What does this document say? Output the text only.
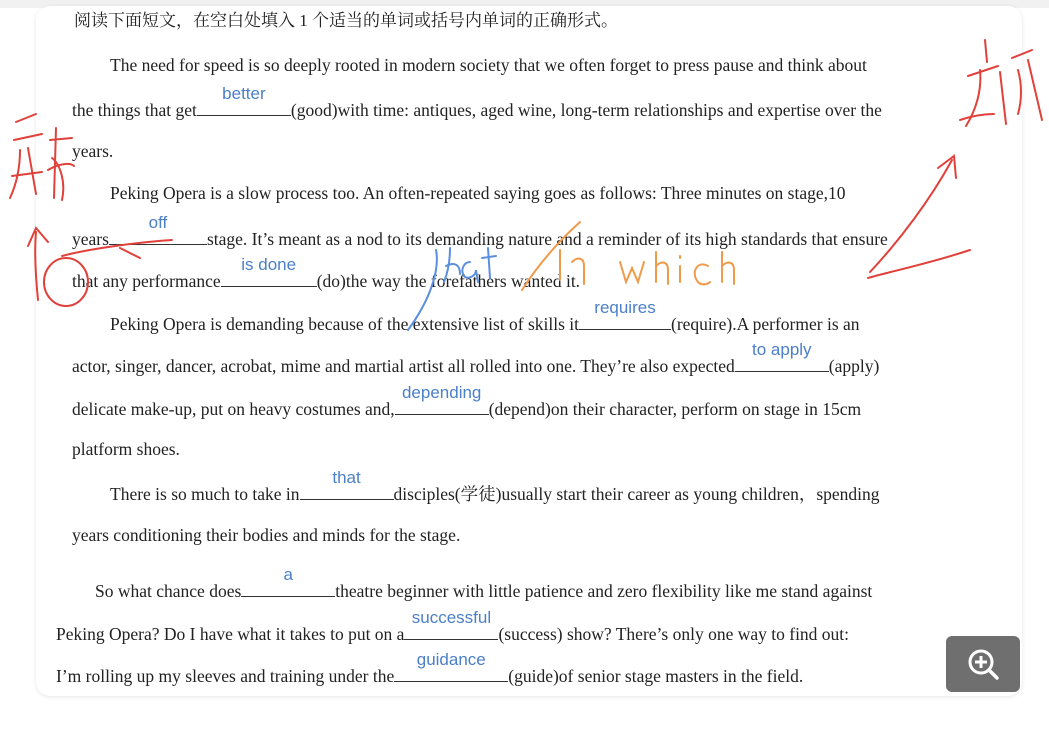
阅读下面短文，在空白处填入 1 个适当的单词或括号内单词的正确形式。
The need for speed is so deeply rooted in modern society that we often forget to press pause and think about
the things that get
better
(good)with time: antiques, aged wine, long-term relationships and expertise over the
years.
Peking Opera is a slow process too. An often-repeated saying goes as follows: Three minutes on stage,10
years
off
stage. It’s meant as a nod to its demanding nature and a reminder of its high standards that ensure
that any performance
is done
(do)the way the forefathers wanted it.
Peking Opera is demanding because of the extensive list of skills it
requires
(require).A performer is an
actor, singer, dancer, acrobat, mime and martial artist all rolled into one. They’re also expected
to apply
(apply)
delicate make-up, put on heavy costumes and,
depending
(depend)on their character, perform on stage in 15cm
platform shoes.
There is so much to take in
that
disciples(学徒)usually start their career as young children，spending
years conditioning their bodies and minds for the stage.
So what chance does
a
theatre beginner with little patience and zero flexibility like me stand against
Peking Opera? Do I have what it takes to put on a
successful
(success) show? There’s only one way to find out:
I’m rolling up my sleeves and training under the
guidance
(guide)of senior stage masters in the field.
